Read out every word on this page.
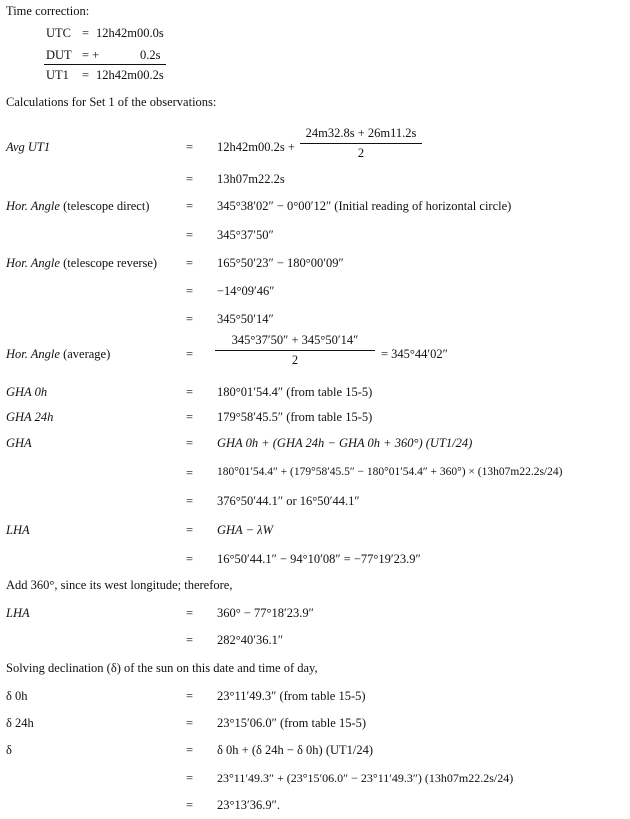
Time correction:
UTC = 12h42m00.0s
DUT = +	0.2s
UT1 = 12h42m00.2s
Calculations for Set 1 of the observations:
Avg UT1	= 12h42m00.2s +
24m32.8s + 26m11.2s
2
= 13h07m22.2s
Hor. Angle (telescope direct)	= 345°38′02″ − 0°00′12″ (Initial reading of horizontal circle)
= 345°37′50″
Hor. Angle (telescope reverse) = 165°50′23″ − 180°00′09″
= −14°09′46″
= 345°50′14″
Hor. Angle (average)	=
345°37′50″ + 345°50′14″
2	= 345°44′02″
GHA 0h	= 180°01′54.4″ (from table 15-5)
GHA 24h	= 179°58′45.5″ (from table 15-5)
GHA	= GHA 0h + (GHA 24h − GHA 0h + 360°) (UT1/24)
= 180°01′54.4″ + (179°58′45.5″ − 180°01′54.4″ + 360°) × (13h07m22.2s/24)
= 376°50′44.1″ or 16°50′44.1″
LHA	= GHA − λW
= 16°50′44.1″ − 94°10′08″ = −77°19′23.9″
Add 360°, since its west longitude; therefore,
LHA	= 360° − 77°18′23.9″
= 282°40′36.1″
Solving declination (δ) of the sun on this date and time of day,
δ 0h	= 23°11′49.3″ (from table 15-5)
δ 24h	= 23°15′06.0″ (from table 15-5)
δ	= δ 0h + (δ 24h − δ 0h) (UT1/24)
= 23°11′49.3″ + (23°15′06.0″ − 23°11′49.3″) (13h07m22.2s/24)
= 23°13′36.9″.
